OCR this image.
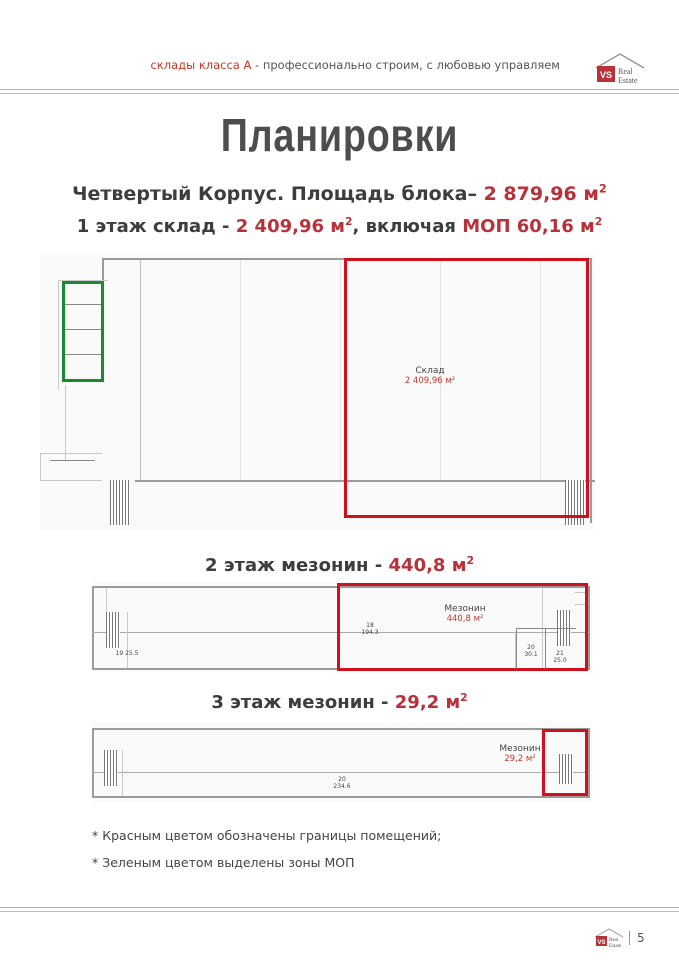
склады класса А - профессионально строим, с любовью управляем
VS Real
Estate
Планировки
Четвертый Корпус. Площадь блока– 2 879,96 $м^2$
1 этаж склад - 2 409,96 $м^2$, включая МОП 60,16 $м^2$
Склад
2 409,96 м²
2 этаж мезонин - 440,8 $м^2$
19 25.5
18
194.3
20
30.1	21
25.0
Мезонин
440,8 м²
3 этаж мезонин - 29,2 $м^2$
20
234.6
Мезонин
29,2 м²
* Красным цветом обозначены границы помещений;
* Зеленым цветом выделены зоны МОП
VS Real
Estate
5
